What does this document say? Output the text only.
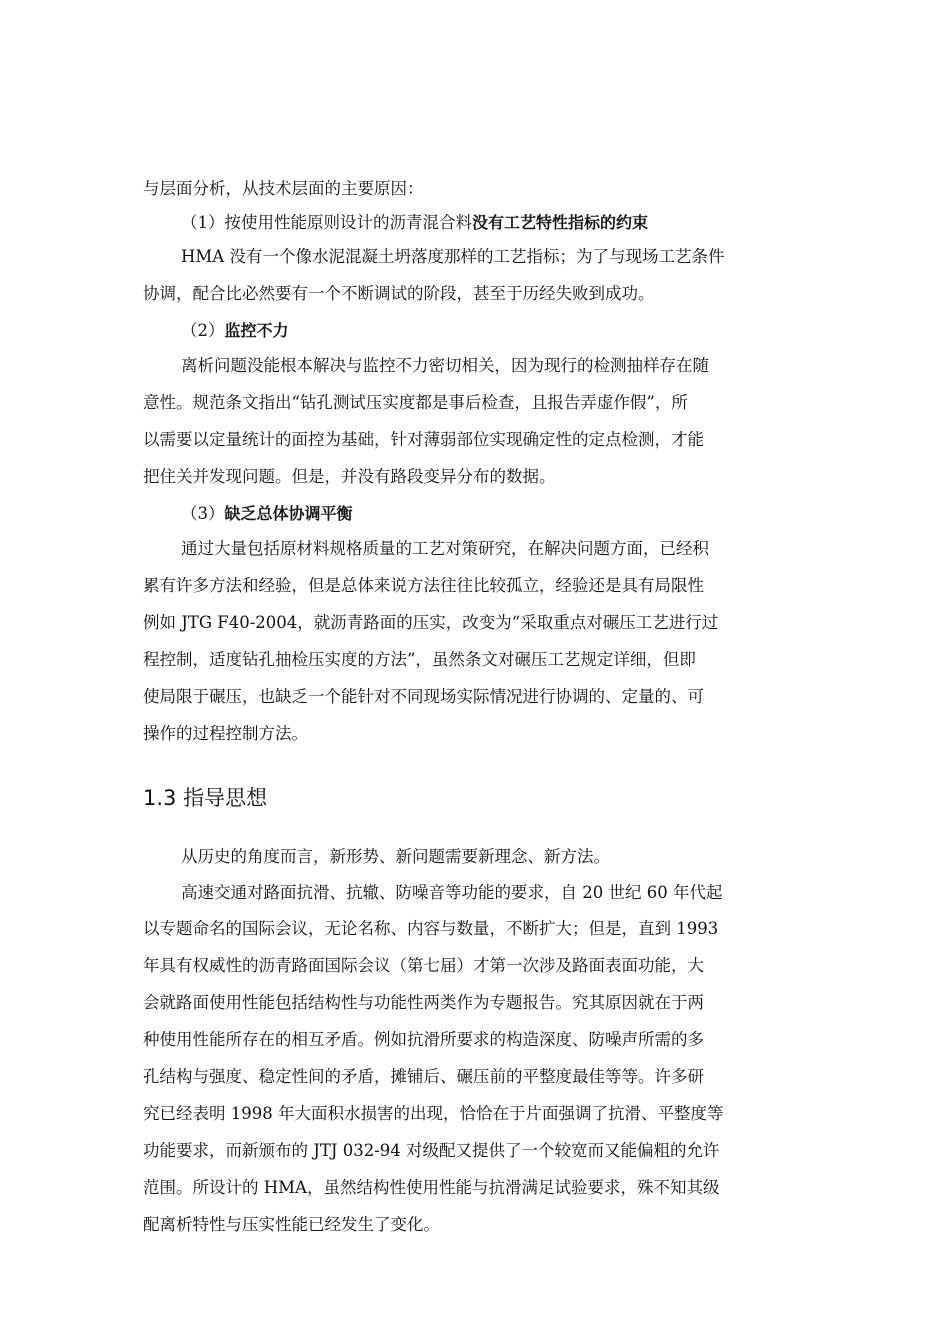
与层面分析，从技术层面的主要原因：
（1）按使用性能原则设计的沥青混合料没有工艺特性指标的约束
HMA 没有一个像水泥混凝土坍落度那样的工艺指标；为了与现场工艺条件
协调，配合比必然要有一个不断调试的阶段，甚至于历经失败到成功。
（2）监控不力
离析问题没能根本解决与监控不力密切相关，因为现行的检测抽样存在随
意性。规范条文指出“钻孔测试压实度都是事后检查，且报告弄虚作假”，所
以需要以定量统计的面控为基础，针对薄弱部位实现确定性的定点检测，才能
把住关并发现问题。但是，并没有路段变异分布的数据。
（3）缺乏总体协调平衡
通过大量包括原材料规格质量的工艺对策研究，在解决问题方面，已经积
累有许多方法和经验，但是总体来说方法往往比较孤立，经验还是具有局限性
例如 JTG F40-2004，就沥青路面的压实，改变为“采取重点对碾压工艺进行过
程控制，适度钻孔抽检压实度的方法”，虽然条文对碾压工艺规定详细，但即
使局限于碾压，也缺乏一个能针对不同现场实际情况进行协调的、定量的、可
操作的过程控制方法。
1.3 指导思想
从历史的角度而言，新形势、新问题需要新理念、新方法。
高速交通对路面抗滑、抗辙、防噪音等功能的要求，自 20 世纪 60 年代起
以专题命名的国际会议，无论名称、内容与数量，不断扩大；但是，直到 1993
年具有权威性的沥青路面国际会议（第七届）才第一次涉及路面表面功能，大
会就路面使用性能包括结构性与功能性两类作为专题报告。究其原因就在于两
种使用性能所存在的相互矛盾。例如抗滑所要求的构造深度、防噪声所需的多
孔结构与强度、稳定性间的矛盾，摊铺后、碾压前的平整度最佳等等。许多研
究已经表明 1998 年大面积水损害的出现，恰恰在于片面强调了抗滑、平整度等
功能要求，而新颁布的 JTJ 032-94 对级配又提供了一个较宽而又能偏粗的允许
范围。所设计的 HMA，虽然结构性使用性能与抗滑满足试验要求，殊不知其级
配离析特性与压实性能已经发生了变化。
